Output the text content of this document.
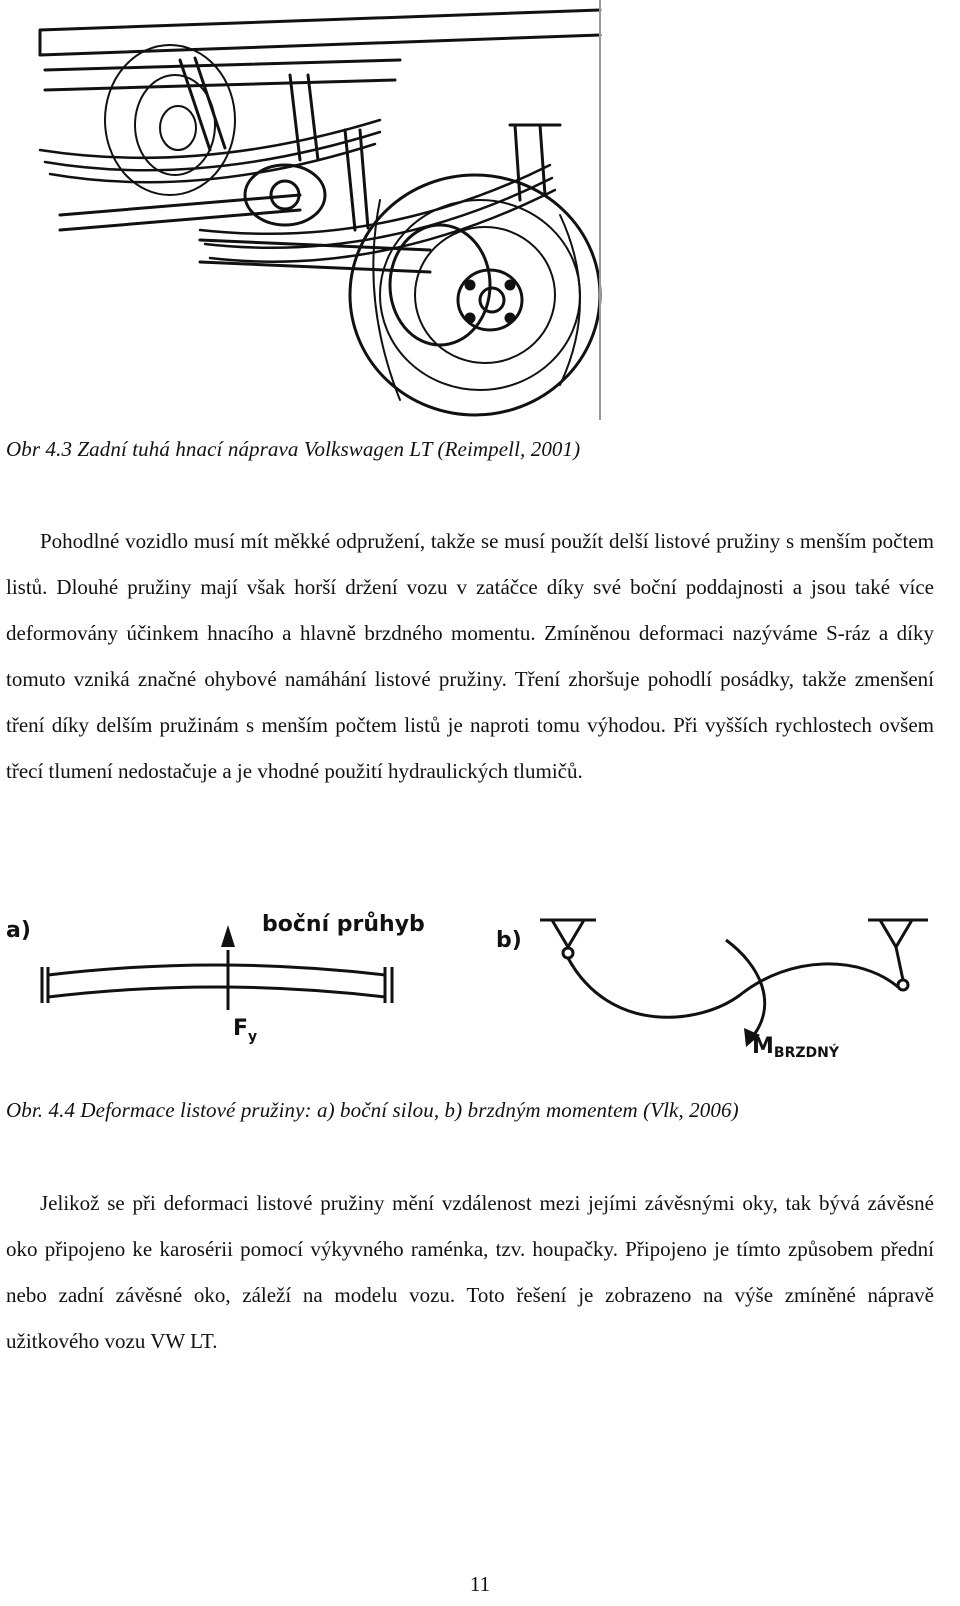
Obr 4.3 Zadní tuhá hnací náprava Volkswagen LT (Reimpell, 2001)
Pohodlné vozidlo musí mít měkké odpružení, takže se musí použít delší listové pružiny s menším počtem listů. Dlouhé pružiny mají však horší držení vozu v zatáčce díky své boční poddajnosti a jsou také více deformovány účinkem hnacího a hlavně brzdného momentu. Zmíněnou deformaci nazýváme S-ráz a díky tomuto vzniká značné ohybové namáhání listové pružiny. Tření zhoršuje pohodlí posádky, takže zmenšení tření díky delším pružinám s menším počtem listů je naproti tomu výhodou. Při vyšších rychlostech ovšem třecí tlumení nedostačuje a je vhodné použití hydraulických tlumičů.
a)	boční průhyb
$F_y$
b)
MBRZDNÝ
Obr. 4.4 Deformace listové pružiny: a) boční silou, b) brzdným momentem (Vlk, 2006)
Jelikož se při deformaci listové pružiny mění vzdálenost mezi jejími závěsnými oky, tak bývá závěsné oko připojeno ke karosérii pomocí výkyvného raménka, tzv. houpačky. Připojeno je tímto způsobem přední nebo zadní závěsné oko, záleží na modelu vozu. Toto řešení je zobrazeno na výše zmíněné nápravě užitkového vozu VW LT.
11
